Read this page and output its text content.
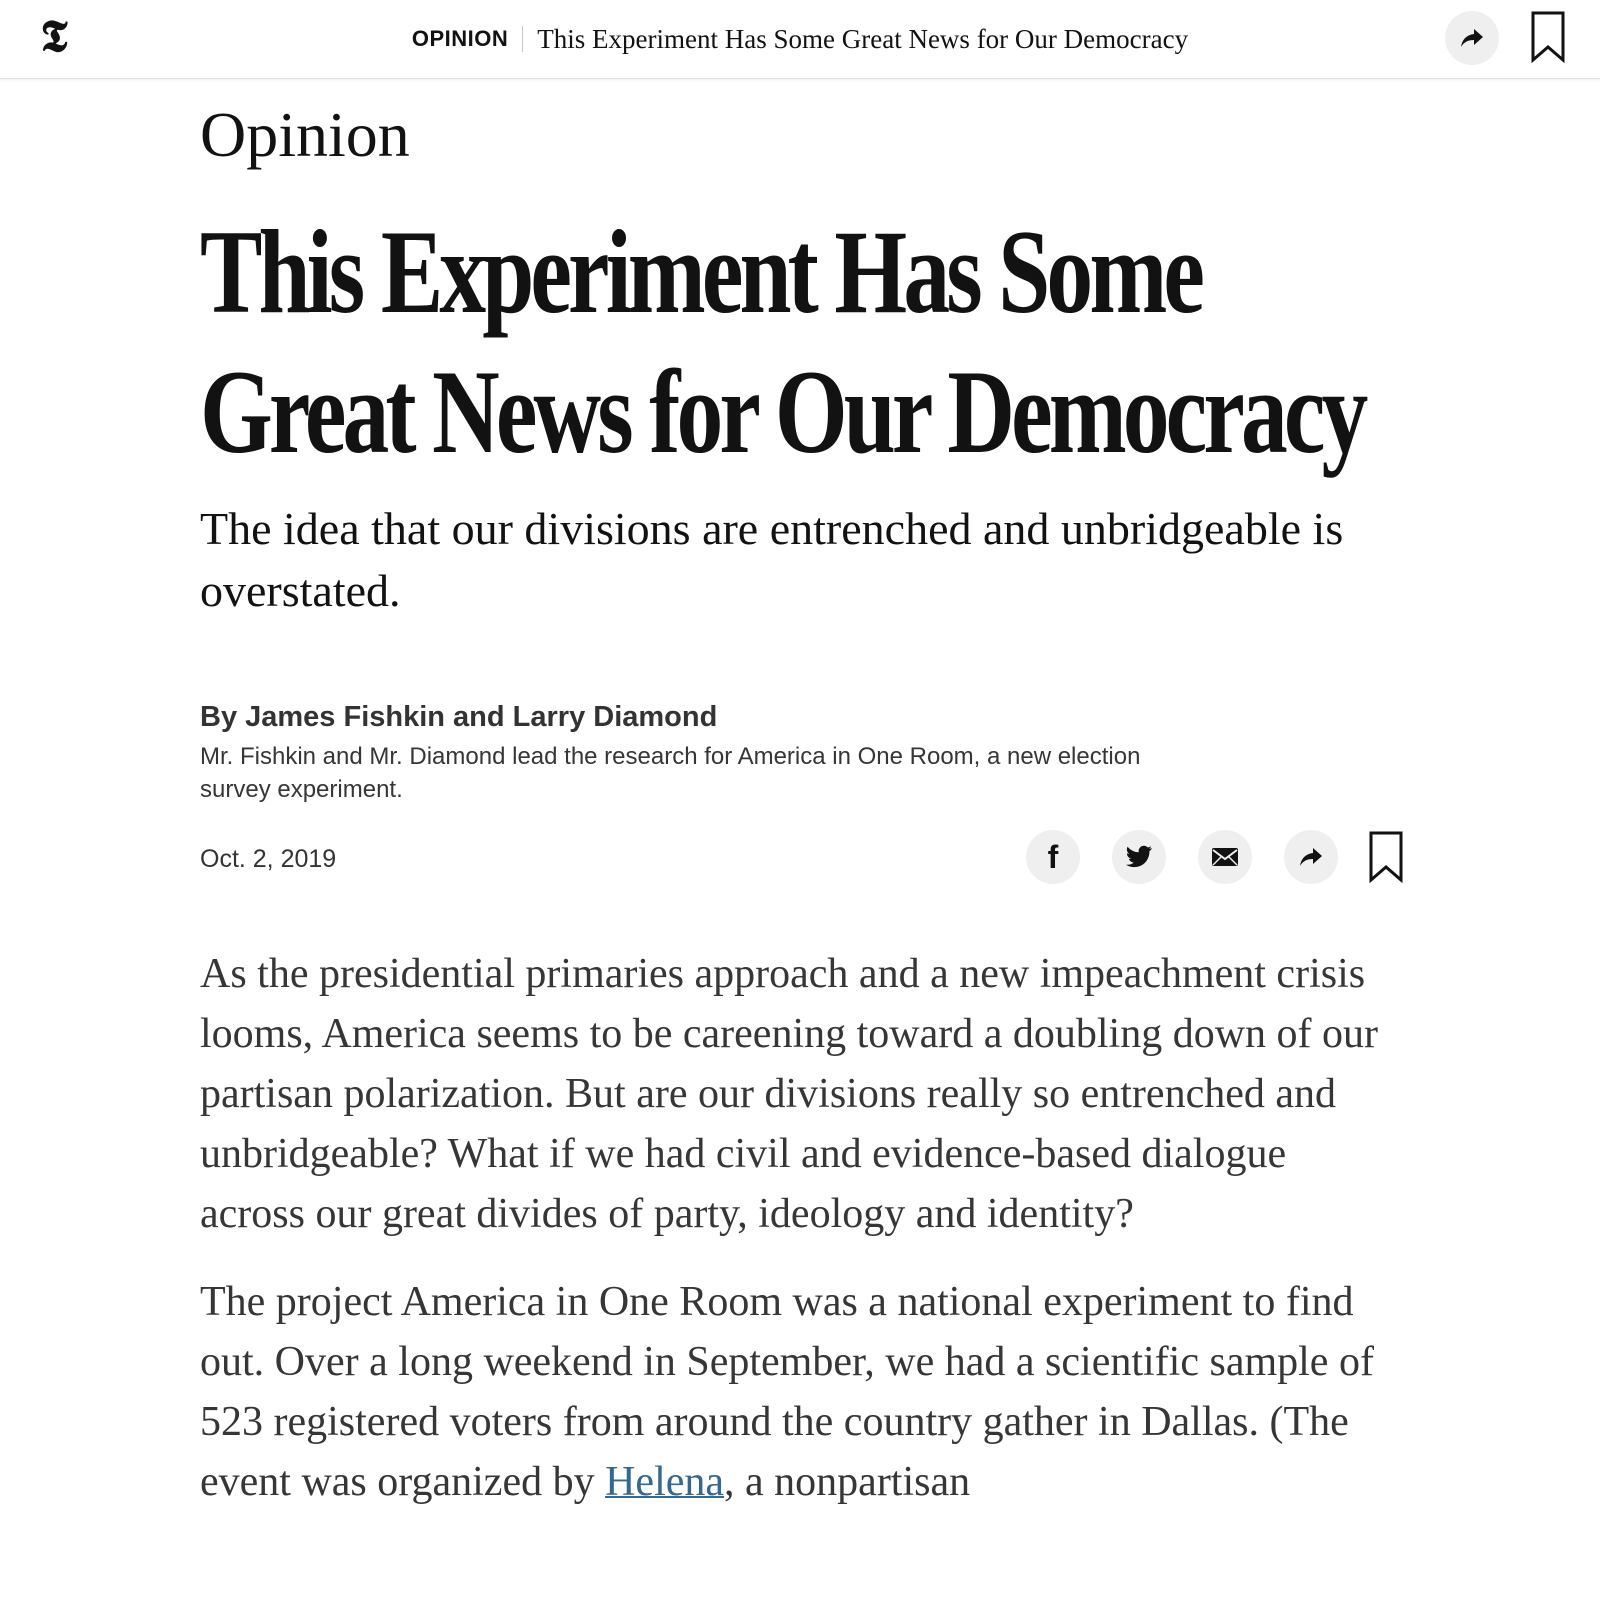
𝕿	OPINION This Experiment Has Some Great News for Our Democracy
Opinion
This Experiment Has Some Great News for Our Democracy

The idea that our divisions are entrenched and unbridgeable is overstated.

By James Fishkin and Larry Diamond
Mr. Fishkin and Mr. Diamond lead the research for America in One Room, a new election survey experiment.
Oct. 2, 2019	f

As the presidential primaries approach and a new impeachment crisis looms, America seems to be careening toward a doubling down of our partisan polarization. But are our divisions really so entrenched and unbridgeable? What if we had civil and evidence-based dialogue across our great divides of party, ideology and identity?

The project America in One Room was a national experiment to find out. Over a long weekend in September, we had a scientific sample of 523 registered voters from around the country gather in Dallas. (The event was organized by Helena, a nonpartisan
